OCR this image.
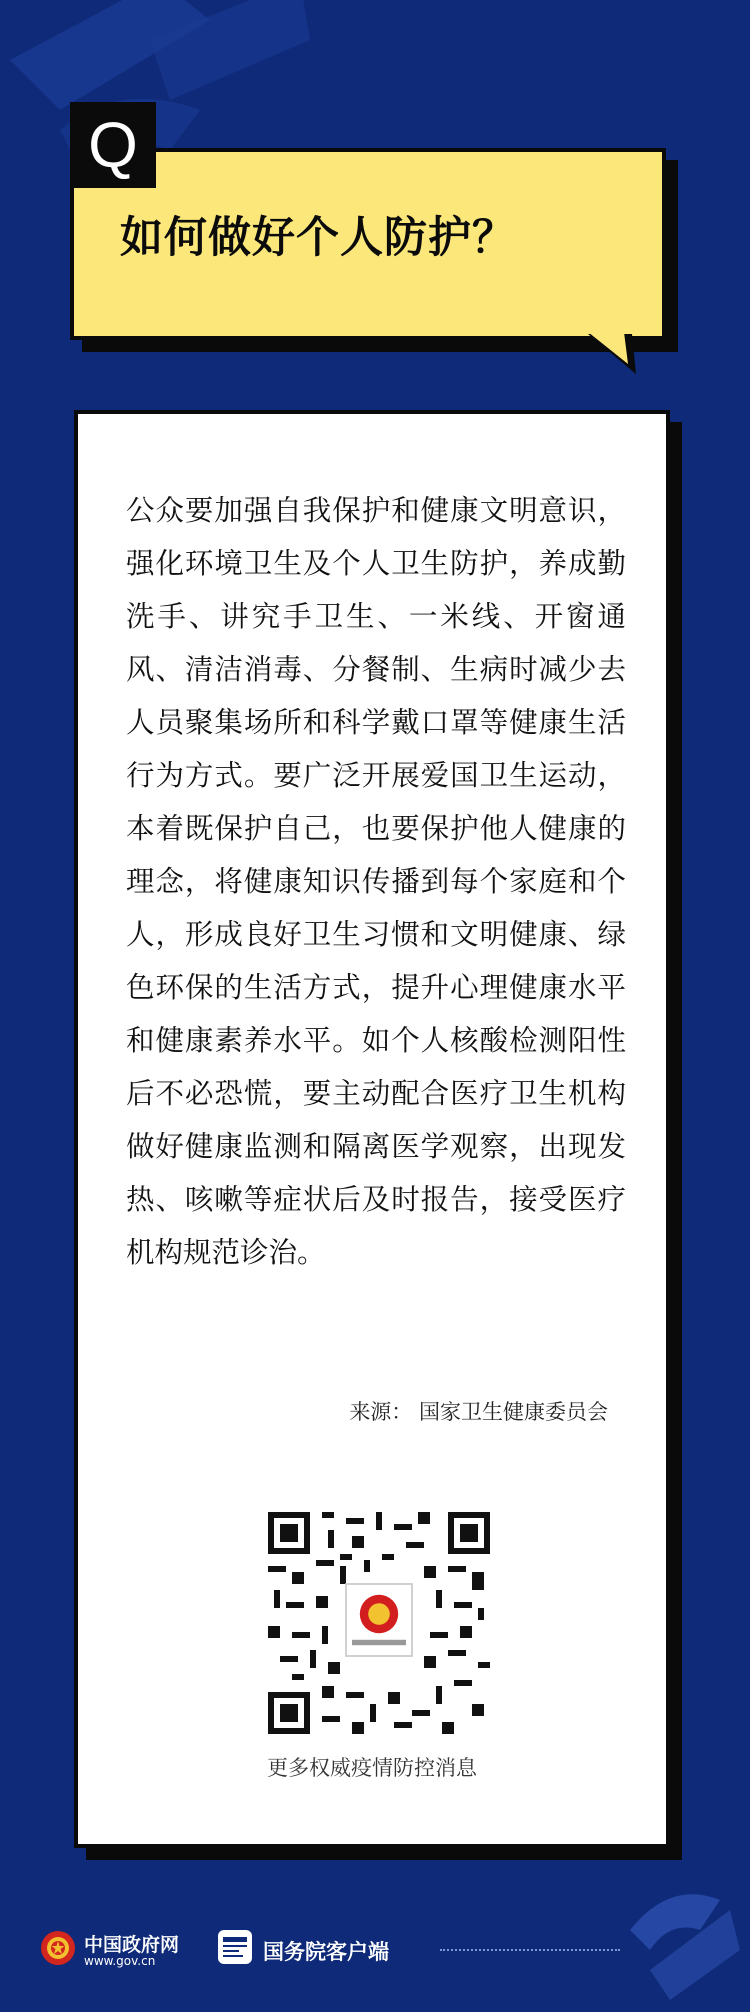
Q
如何做好个人防护？
公众要加强自我保护和健康文明意识，强化环境卫生及个人卫生防护，养成勤洗手、讲究手卫生、一米线、开窗通风、清洁消毒、分餐制、生病时减少去人员聚集场所和科学戴口罩等健康生活行为方式。要广泛开展爱国卫生运动，本着既保护自己，也要保护他人健康的理念，将健康知识传播到每个家庭和个人，形成良好卫生习惯和文明健康、绿色环保的生活方式，提升心理健康水平和健康素养水平。如个人核酸检测阳性后不必恐慌，要主动配合医疗卫生机构做好健康监测和隔离医学观察，出现发热、咳嗽等症状后及时报告，接受医疗机构规范诊治。
来源： 国家卫生健康委员会
更多权威疫情防控消息
中国政府网
www.gov.cn	国务院客户端
